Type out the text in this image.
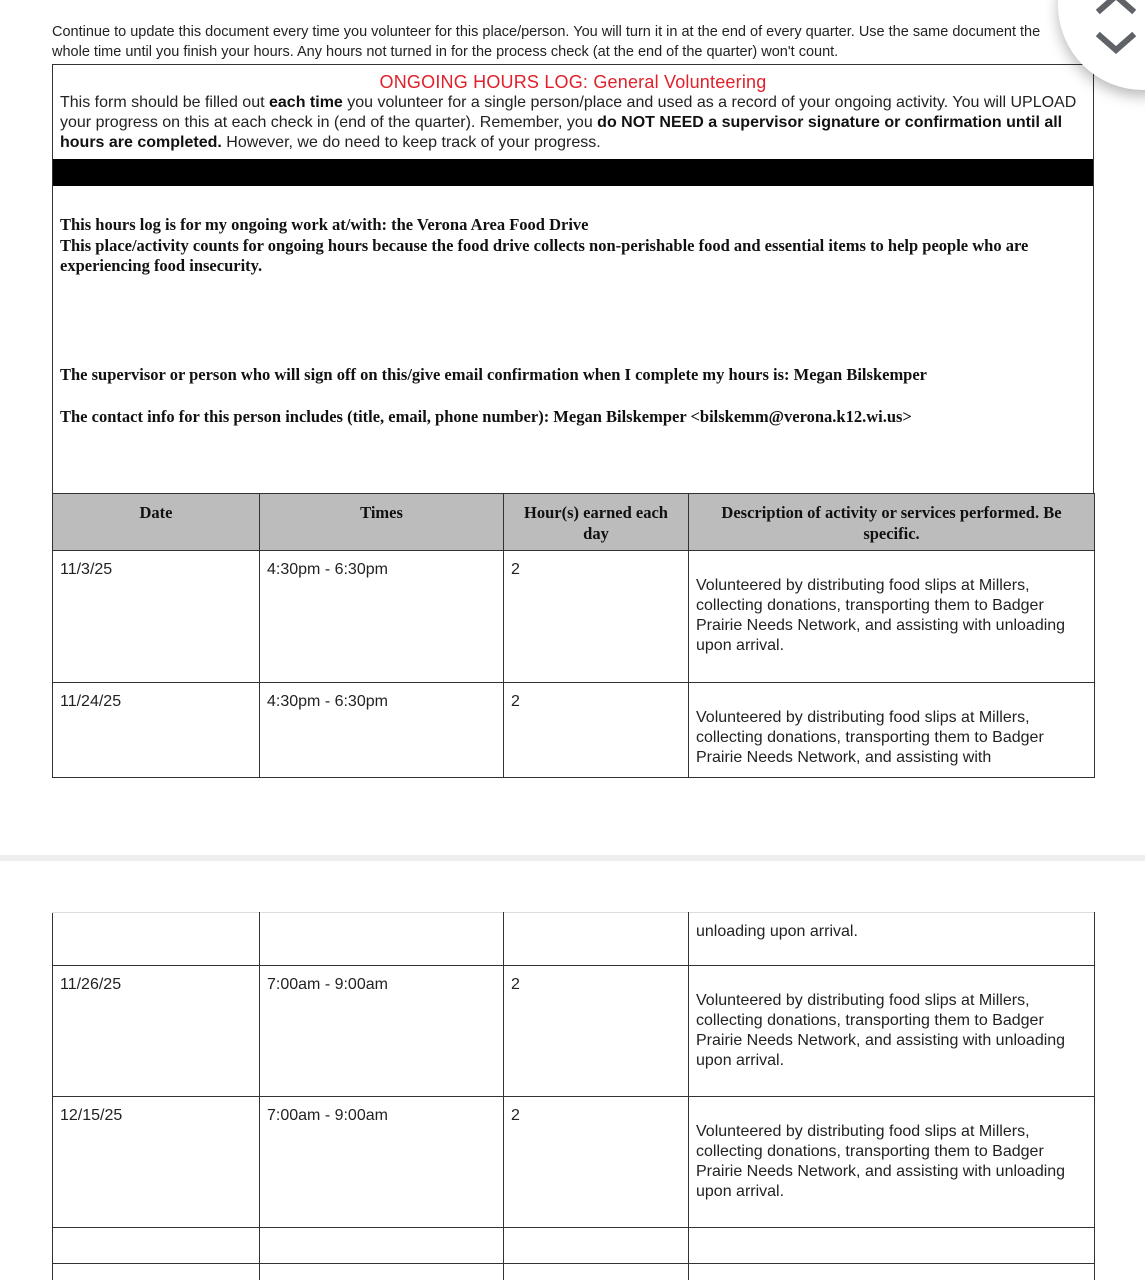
Continue to update this document every time you volunteer for this place/person. You will turn it in at the end of every quarter. Use the same document the whole time until you finish your hours. Any hours not turned in for the process check (at the end of the quarter) won't count.

ONGOING HOURS LOG: General Volunteering
This form should be filled out each time you volunteer for a single person/place and used as a record of your ongoing activity. You will UPLOAD your progress on this at each check in (end of the quarter). Remember, you do NOT NEED a supervisor signature or confirmation until all hours are completed. However, we do need to keep track of your progress.
This hours log is for my ongoing work at/with: the Verona Area Food Drive
This place/activity counts for ongoing hours because the food drive collects non-perishable food and essential items to help people who are experiencing food insecurity.
The supervisor or person who will sign off on this/give email confirmation when I complete my hours is: Megan Bilskemper
The contact info for this person includes (title, email, phone number): Megan Bilskemper <bilskemm@verona.k12.wi.us>
Date	Times	Hour(s) earned each day	Description of activity or services performed. Be specific.
11/3/25	4:30pm - 6:30pm	2	Volunteered by distributing food slips at Millers, collecting donations, transporting them to Badger Prairie Needs Network, and assisting with unloading upon arrival.
11/24/25	4:30pm - 6:30pm	2	Volunteered by distributing food slips at Millers, collecting donations, transporting them to Badger Prairie Needs Network, and assisting with
			unloading upon arrival.
11/26/25	7:00am - 9:00am	2	Volunteered by distributing food slips at Millers, collecting donations, transporting them to Badger Prairie Needs Network, and assisting with unloading upon arrival.
12/15/25	7:00am - 9:00am	2	Volunteered by distributing food slips at Millers, collecting donations, transporting them to Badger Prairie Needs Network, and assisting with unloading upon arrival.
